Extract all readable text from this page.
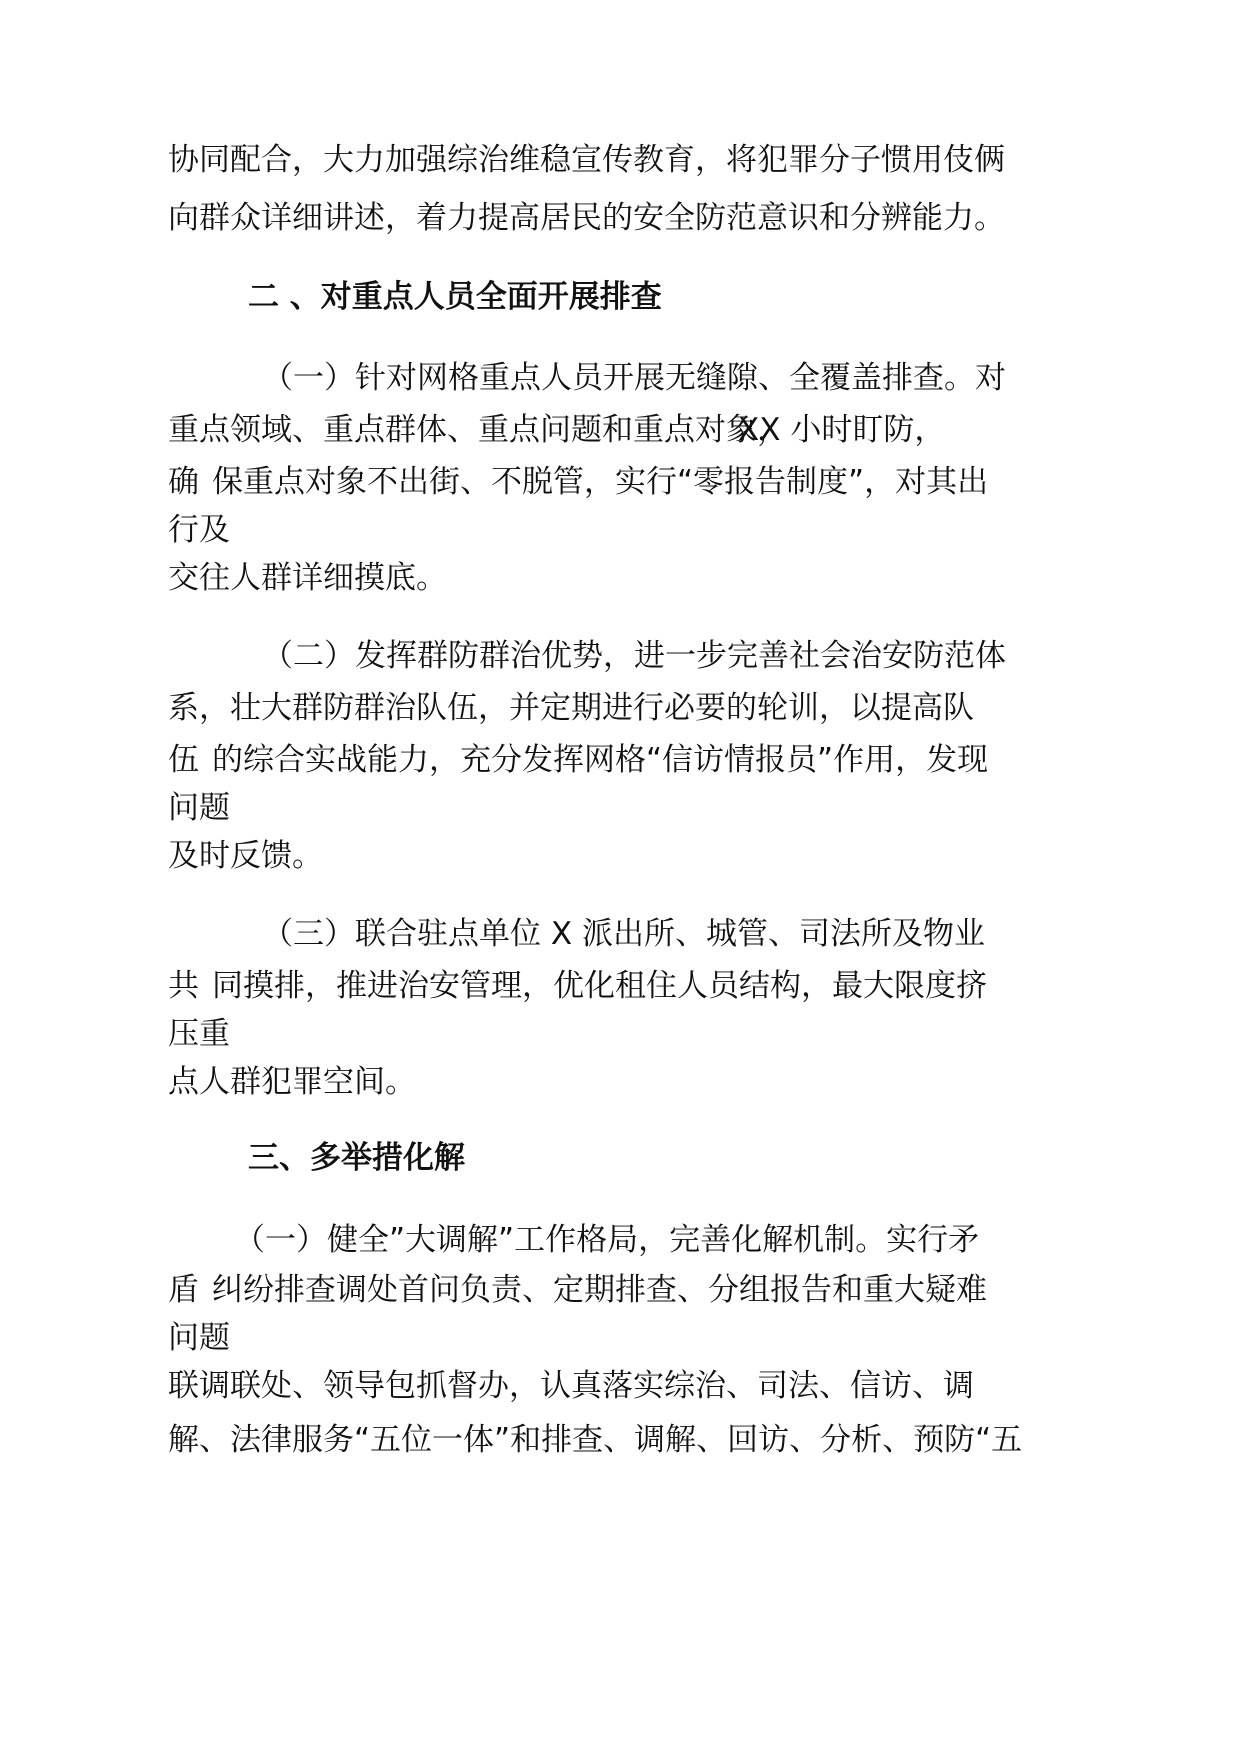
协同配合，大力加强综治维稳宣传教育，将犯罪分子惯用伎俩

向群众详细讲述，着力提高居民的安全防范意识和分辨能力。

二 、对重点人员全面开展排查

（一）针对网格重点人员开展无缝隙、全覆盖排查。对

重点领域、重点群体、重点问题和重点对象，

XX 小时盯防，

确

保重点对象不出街、不脱管，实行“零报告制度”，对其出

行及

交往人群详细摸底。

（二）发挥群防群治优势，进一步完善社会治安防范体

系，壮大群防群治队伍，并定期进行必要的轮训，以提高队

伍

的综合实战能力，充分发挥网格“信访情报员”作用，发现

问题

及时反馈。

（三）联合驻点单位 X 派出所、城管、司法所及物业

共

同摸排，推进治安管理，优化租住人员结构，最大限度挤

压重

点人群犯罪空间。

三、多举措化解

（一）健全”大调解”工作格局，完善化解机制。实行矛

盾

纠纷排查调处首问负责、定期排查、分组报告和重大疑难

问题

联调联处、领导包抓督办，认真落实综治、司法、信访、调

解、法律服务“五位一体”和排查、调解、回访、分析、预防“五
